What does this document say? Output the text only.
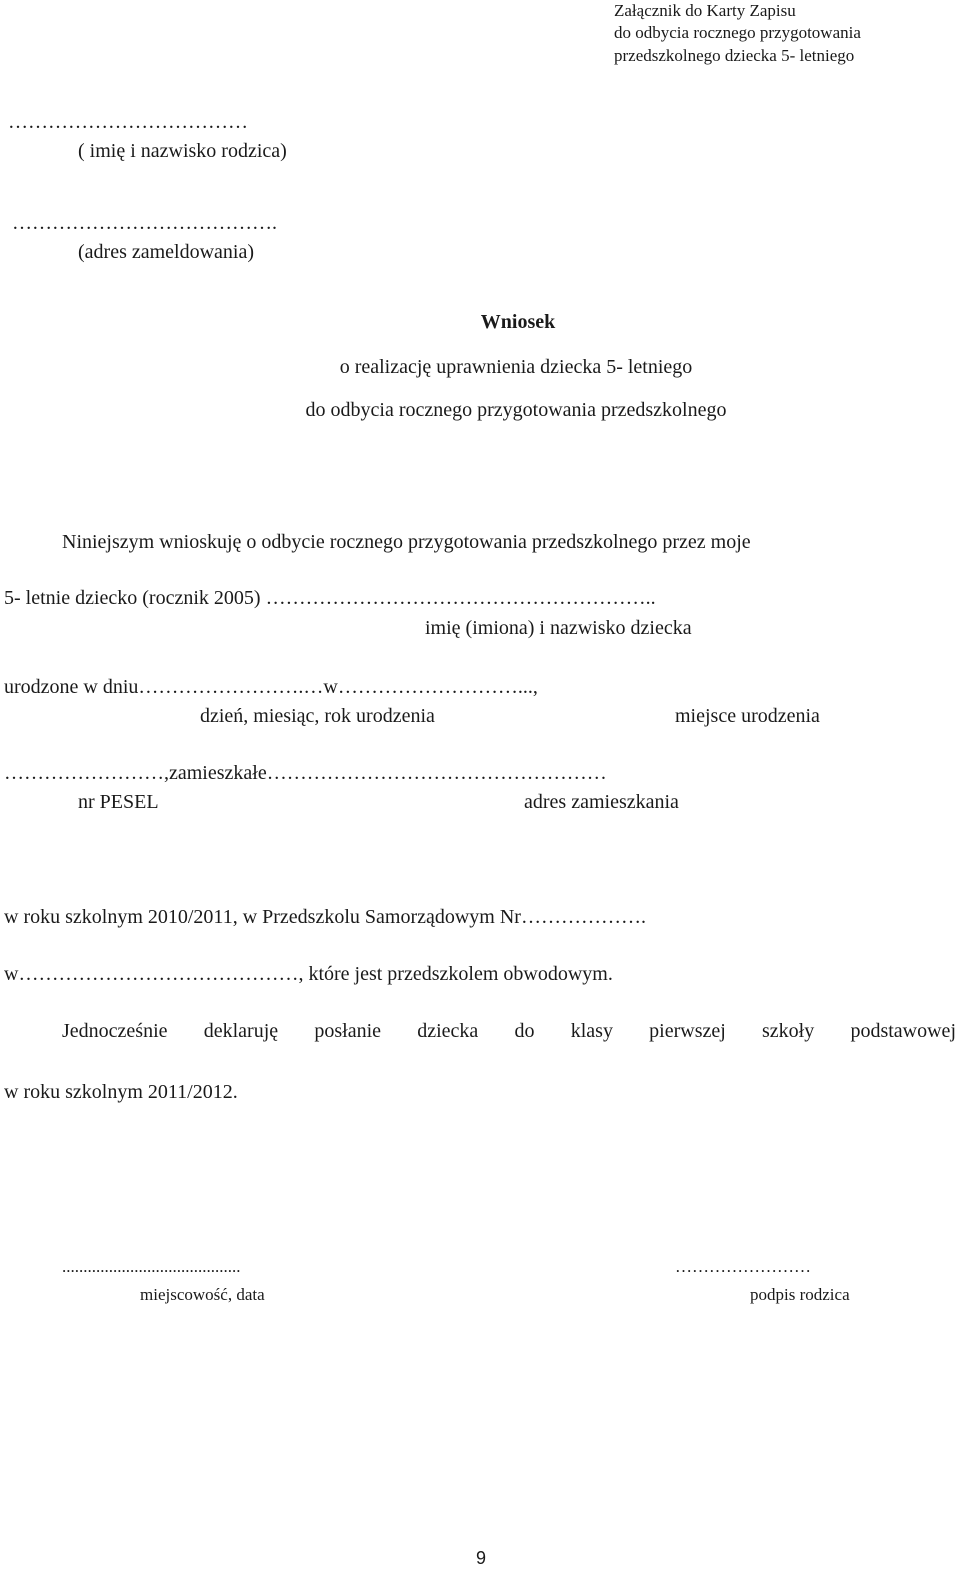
Załącznik do Karty Zapisu
do odbycia rocznego przygotowania
przedszkolnego dziecka 5- letniego
………………………………
( imię i nazwisko rodzica)
………………………………….
(adres zameldowania)
Wniosek
o realizację uprawnienia dziecka 5- letniego
do odbycia rocznego przygotowania przedszkolnego
Niniejszym wnioskuję o odbycie rocznego przygotowania przedszkolnego przez moje
5- letnie dziecko (rocznik 2005) …………………………………………………..
imię (imiona) i nazwisko dziecka
urodzone w dniu…………………….…w………………………...,
dzień, miesiąc, rok urodzenia	miejsce urodzenia
……………………,zamieszkałe……………………………………………
nr PESEL	adres zamieszkania
w roku szkolnym 2010/2011, w Przedszkolu Samorządowym Nr……………….
w……………………………………, które jest przedszkolem obwodowym.
Jednocześnie deklaruję posłanie dziecka do klasy pierwszej szkoły podstawowej
w roku szkolnym 2011/2012.
..........................................
miejscowość, data
……………………
podpis rodzica
9
